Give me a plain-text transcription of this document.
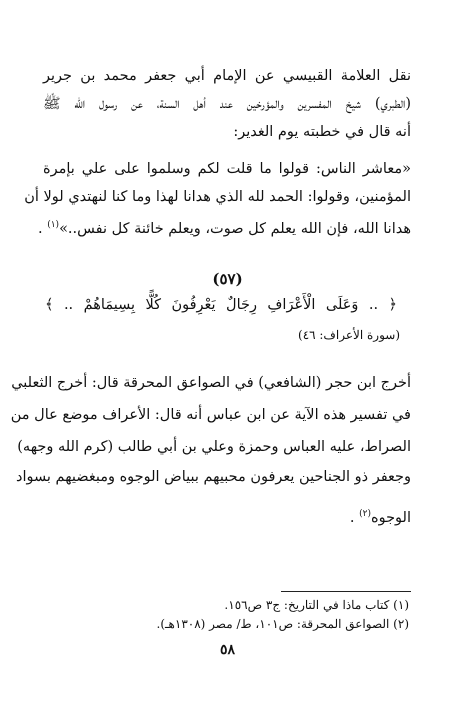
نقل العلامة القبيسي عن الإمام أبي جعفر محمد بن جرير
(الطبري) شيخ المفسرين والمؤرخين عند أهل السنة، عن رسول الله ﷺ
أنه قال في خطبته يوم الغدير:
«معاشر الناس: قولوا ما قلت لكم وسلموا على علي بإمرة
المؤمنين، وقولوا: الحمد لله الذي هدانا لهذا وما كنا لنهتدي لولا أن
هدانا الله، فإن الله يعلم كل صوت، ويعلم خائنة كل نفس..»$^{(١)}$ .
(٥٧)
﴿ .. وَعَلَى الْأَعْرَافِ رِجَالٌ يَعْرِفُونَ كُلًّا بِسِيمَاهُمْ .. ﴾
(سورة الأعراف: ٤٦)
أخرج ابن حجر (الشافعي) في الصواعق المحرقة قال: أخرج الثعلبي
في تفسير هذه الآية عن ابن عباس أنه قال: الأعراف موضع عال من
الصراط، عليه العباس وحمزة وعلي بن أبي طالب (كرم الله وجهه)
وجعفر ذو الجناحين يعرفون محبيهم ببياض الوجوه ومبغضيهم بسواد
الوجوه$^{(٢)}$ .
(١) كتاب ماذا في التاريخ: ج٣ ص١٥٦.
(٢) الصواعق المحرقة: ص١٠١، ط/ مصر (١٣٠٨هـ).
٥٨
